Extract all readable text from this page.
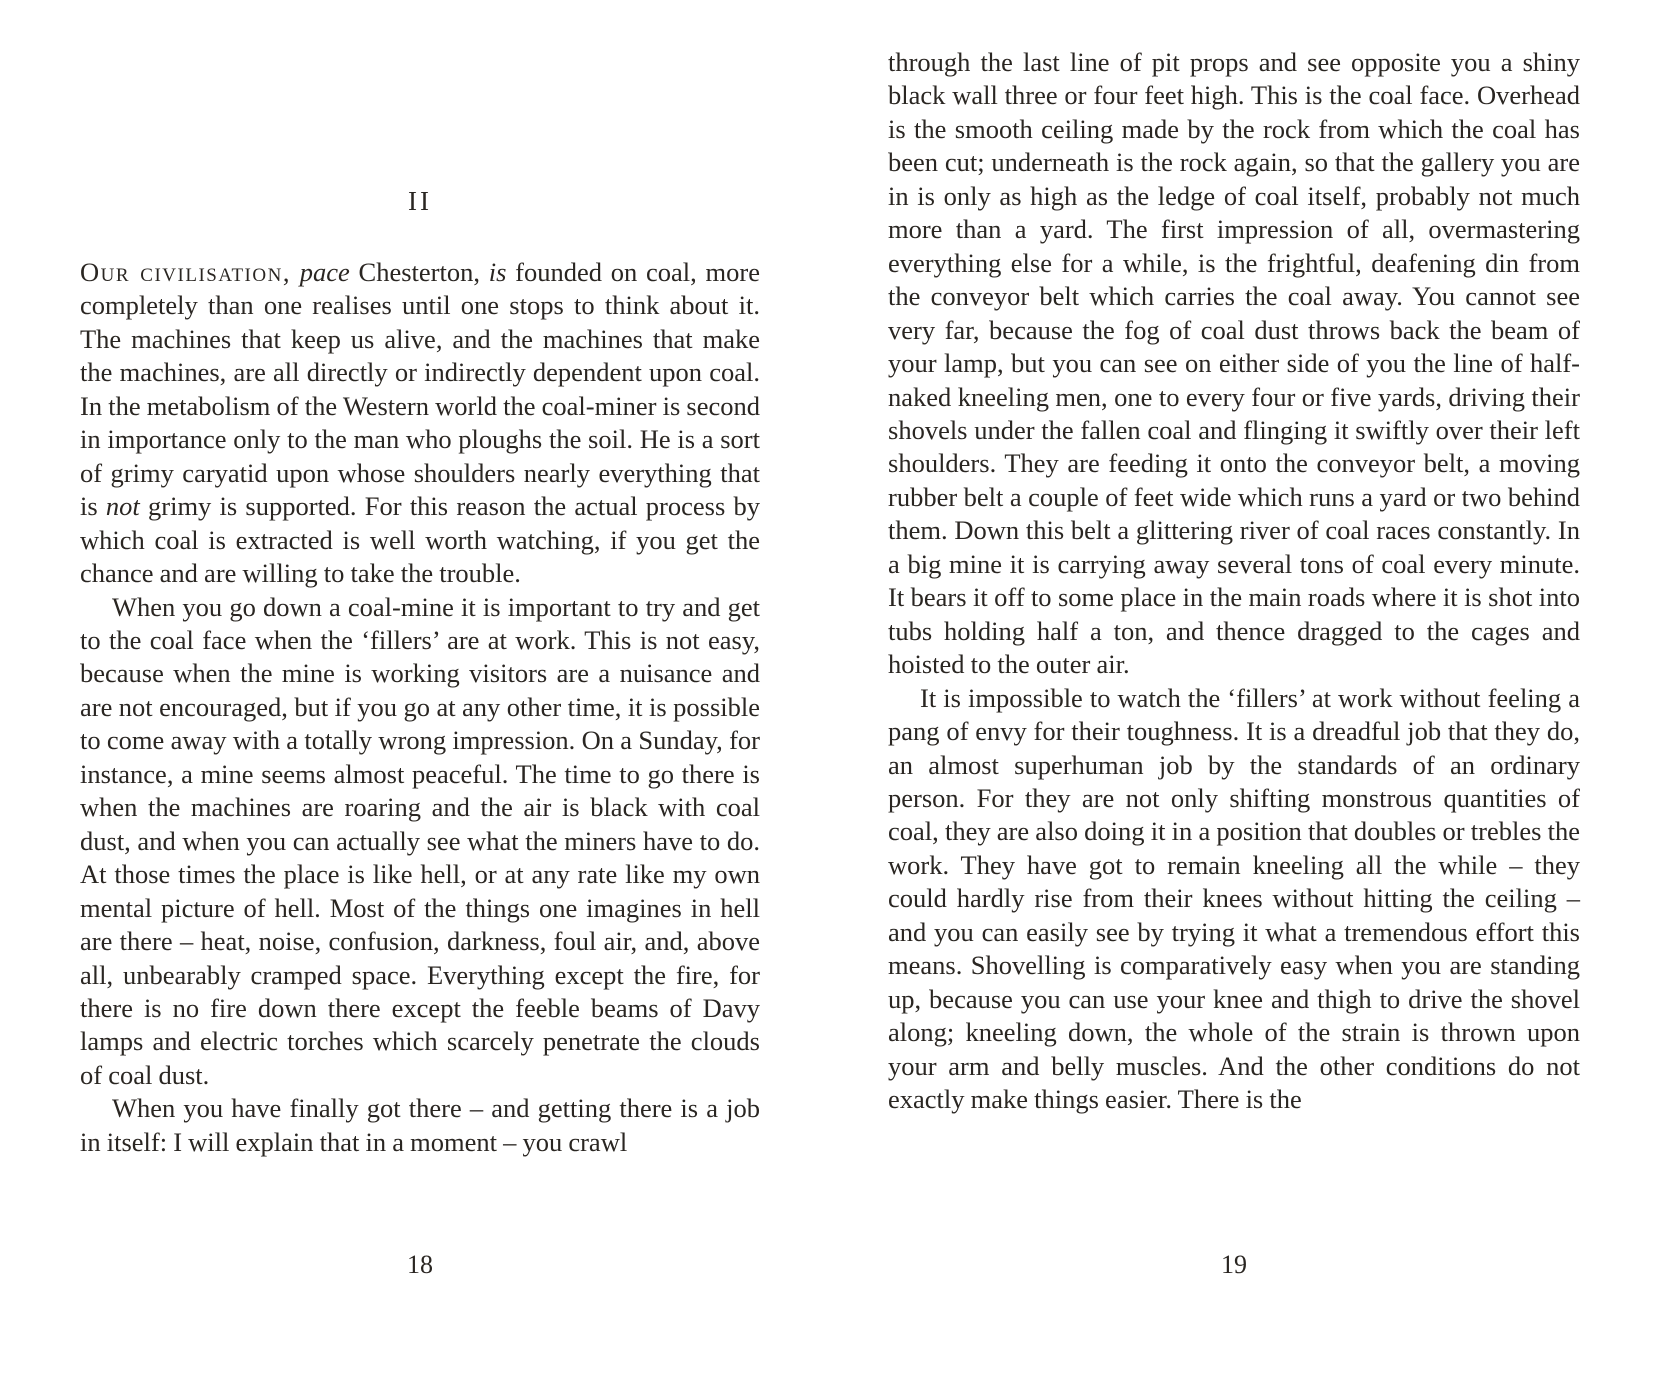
II

Our civilisation, pace Chesterton, is founded on coal, more completely than one realises until one stops to think about it. The machines that keep us alive, and the machines that make the machines, are all directly or indirectly dependent upon coal. In the metabolism of the Western world the coal-miner is second in importance only to the man who ploughs the soil. He is a sort of grimy caryatid upon whose shoulders nearly everything that is not grimy is supported. For this reason the actual process by which coal is extracted is well worth watching, if you get the chance and are willing to take the trouble.

When you go down a coal-mine it is important to try and get to the coal face when the ‘fillers’ are at work. This is not easy, because when the mine is working visitors are a nuisance and are not encouraged, but if you go at any other time, it is possible to come away with a totally wrong impression. On a Sunday, for instance, a mine seems almost peaceful. The time to go there is when the machines are roaring and the air is black with coal dust, and when you can actually see what the miners have to do. At those times the place is like hell, or at any rate like my own mental picture of hell. Most of the things one imagines in hell are there – heat, noise, confusion, darkness, foul air, and, above all, unbearably cramped space. Everything except the fire, for there is no fire down there except the feeble beams of Davy lamps and electric torches which scarcely penetrate the clouds of coal dust.

When you have finally got there – and getting there is a job in itself: I will explain that in a moment – you crawl

18

through the last line of pit props and see opposite you a shiny black wall three or four feet high. This is the coal face. Overhead is the smooth ceiling made by the rock from which the coal has been cut; underneath is the rock again, so that the gallery you are in is only as high as the ledge of coal itself, probably not much more than a yard. The first impression of all, overmastering everything else for a while, is the frightful, deafening din from the conveyor belt which carries the coal away. You cannot see very far, because the fog of coal dust throws back the beam of your lamp, but you can see on either side of you the line of half-naked kneeling men, one to every four or five yards, driving their shovels under the fallen coal and flinging it swiftly over their left shoulders. They are feeding it onto the conveyor belt, a moving rubber belt a couple of feet wide which runs a yard or two behind them. Down this belt a glittering river of coal races constantly. In a big mine it is carrying away several tons of coal every minute. It bears it off to some place in the main roads where it is shot into tubs holding half a ton, and thence dragged to the cages and hoisted to the outer air.

It is impossible to watch the ‘fillers’ at work without feeling a pang of envy for their toughness. It is a dreadful job that they do, an almost superhuman job by the standards of an ordinary person. For they are not only shifting monstrous quantities of coal, they are also doing it in a position that doubles or trebles the work. They have got to remain kneeling all the while – they could hardly rise from their knees without hitting the ceiling – and you can easily see by trying it what a tremendous effort this means. Shovelling is comparatively easy when you are standing up, because you can use your knee and thigh to drive the shovel along; kneeling down, the whole of the strain is thrown upon your arm and belly muscles. And the other conditions do not exactly make things easier. There is the

19
